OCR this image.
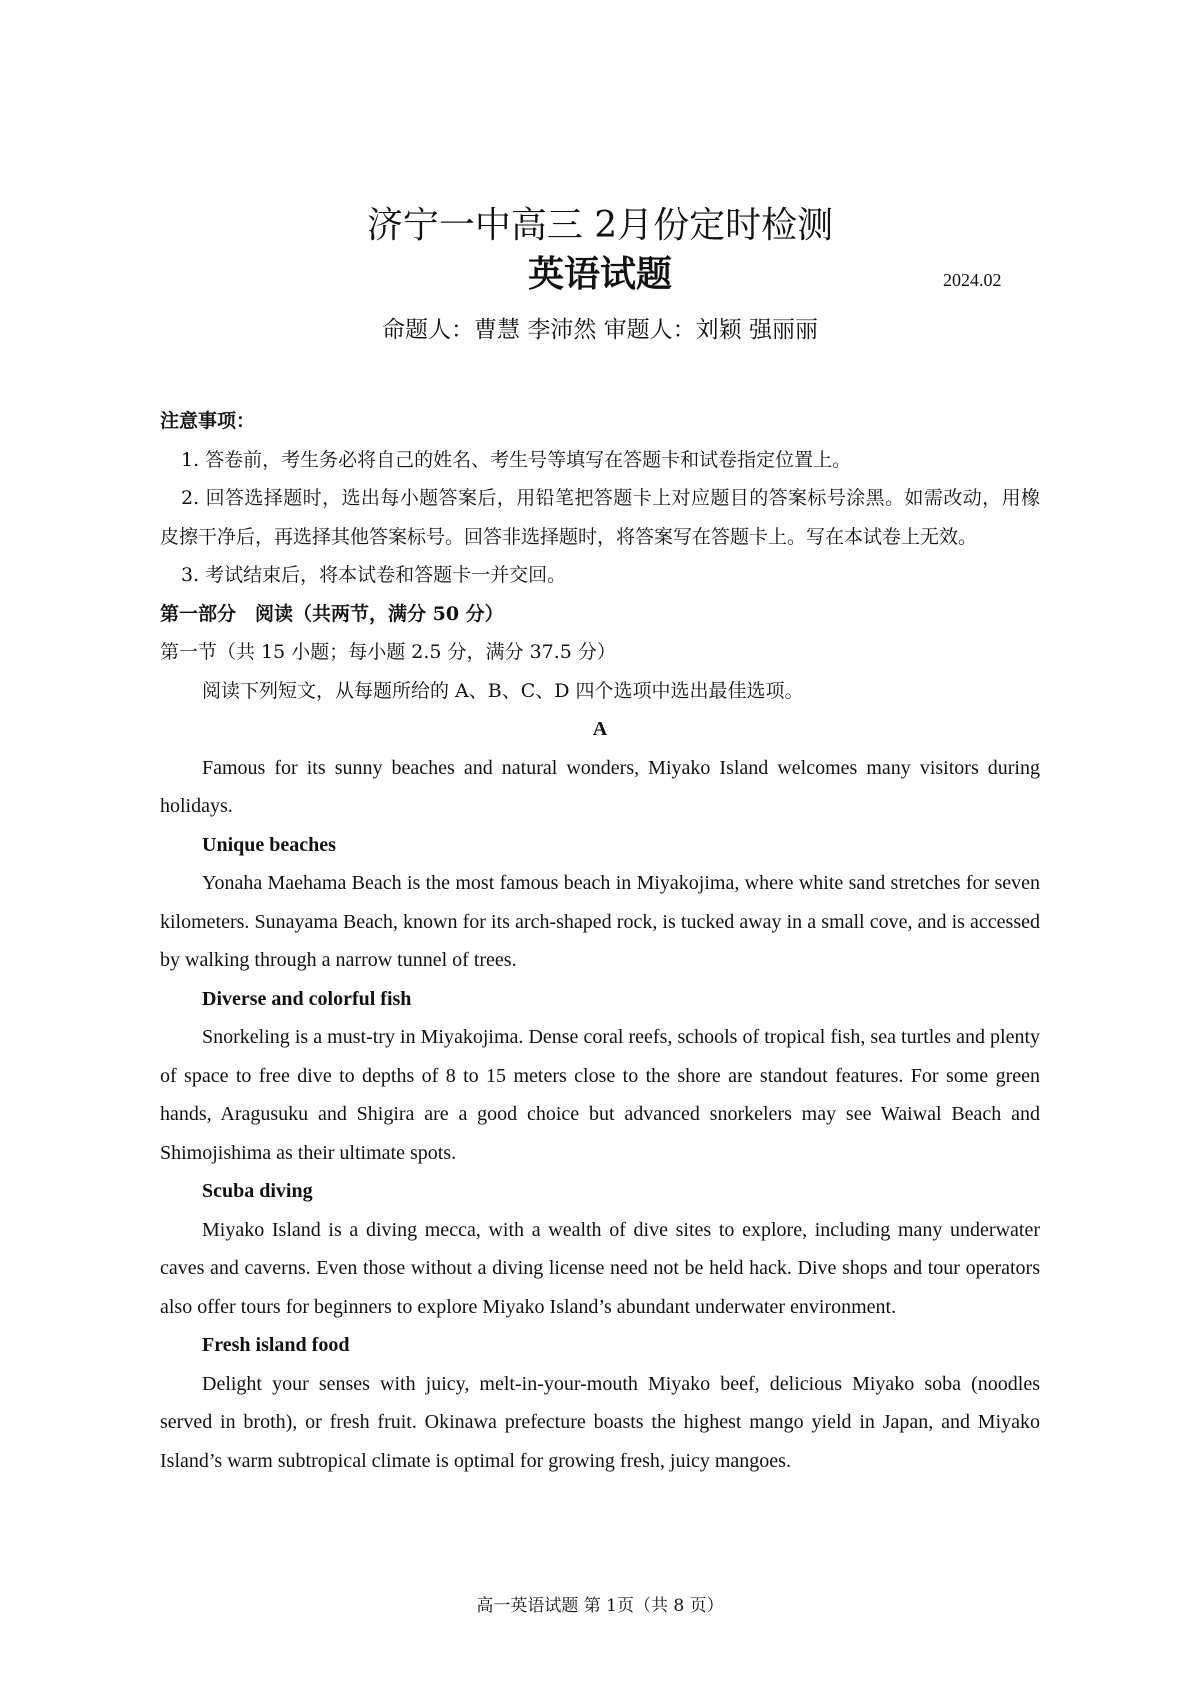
济宁一中高三 2月份定时检测
英语试题	2024.02
命题人：曹慧 李沛然 审题人：刘颖 强丽丽

注意事项：

1. 答卷前，考生务必将自己的姓名、考生号等填写在答题卡和试卷指定位置上。

2. 回答选择题时，选出每小题答案后，用铅笔把答题卡上对应题目的答案标号涂黑。如需改动，用橡皮擦干净后，再选择其他答案标号。回答非选择题时，将答案写在答题卡上。写在本试卷上无效。

3. 考试结束后，将本试卷和答题卡一并交回。

第一部分　阅读（共两节，满分 50 分）

第一节（共 15 小题；每小题 2.5 分，满分 37.5 分）

阅读下列短文，从每题所给的 A、B、C、D 四个选项中选出最佳选项。

A

Famous for its sunny beaches and natural wonders, Miyako Island welcomes many visitors during holidays.

Unique beaches

Yonaha Maehama Beach is the most famous beach in Miyakojima, where white sand stretches for seven kilometers. Sunayama Beach, known for its arch-shaped rock, is tucked away in a small cove, and is accessed by walking through a narrow tunnel of trees.

Diverse and colorful fish

Snorkeling is a must-try in Miyakojima. Dense coral reefs, schools of tropical fish, sea turtles and plenty of space to free dive to depths of 8 to 15 meters close to the shore are standout features. For some green hands, Aragusuku and Shigira are a good choice but advanced snorkelers may see Waiwal Beach and Shimojishima as their ultimate spots.

Scuba diving

Miyako Island is a diving mecca, with a wealth of dive sites to explore, including many underwater caves and caverns. Even those without a diving license need not be held hack. Dive shops and tour operators also offer tours for beginners to explore Miyako Island’s abundant underwater environment.

Fresh island food

Delight your senses with juicy, melt-in-your-mouth Miyako beef, delicious Miyako soba (noodles served in broth), or fresh fruit. Okinawa prefecture boasts the highest mango yield in Japan, and Miyako Island’s warm subtropical climate is optimal for growing fresh, juicy mangoes.

高一英语试题 第 1页（共 8 页）
